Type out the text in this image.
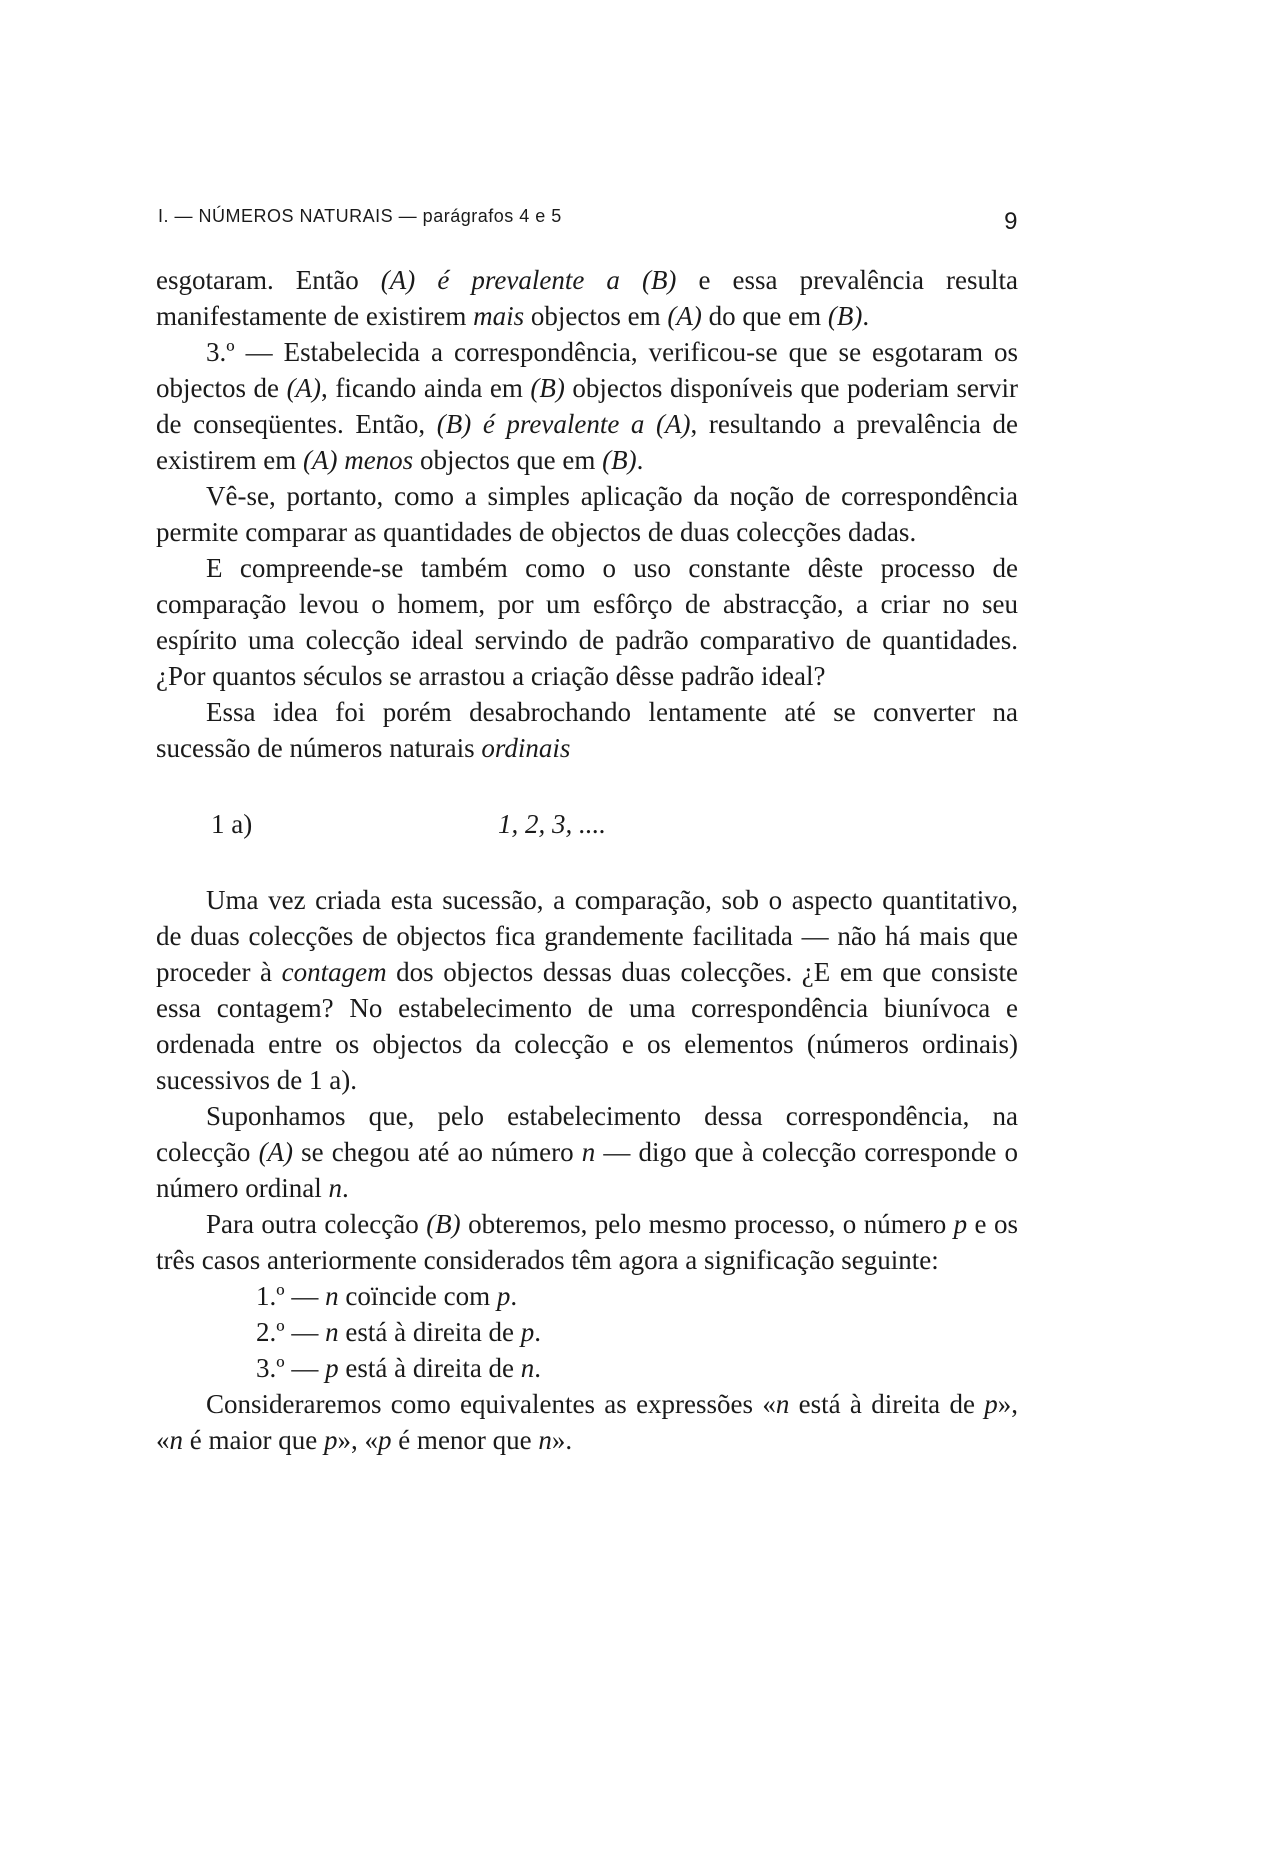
I. — NÚMEROS NATURAIS — parágrafos 4 e 5	9

esgotaram. Então (A) é prevalente a (B) e essa prevalência resulta manifestamente de existirem mais objectos em (A) do que em (B).

3.º — Estabelecida a correspondência, verificou-se que se esgotaram os objectos de (A), ficando ainda em (B) objectos disponíveis que poderiam servir de conseqüentes. Então, (B) é prevalente a (A), resultando a prevalência de existirem em (A) menos objectos que em (B).

Vê-se, portanto, como a simples aplicação da noção de correspondência permite comparar as quantidades de objectos de duas colecções dadas.

E compreende-se também como o uso constante dêste processo de comparação levou o homem, por um esfôrço de abstracção, a criar no seu espírito uma colecção ideal servindo de padrão comparativo de quantidades. ¿Por quantos séculos se arrastou a criação dêsse padrão ideal?

Essa idea foi porém desabrochando lentamente até se converter na sucessão de números naturais ordinais

1 a)	1, 2, 3, ....

Uma vez criada esta sucessão, a comparação, sob o aspecto quantitativo, de duas colecções de objectos fica grandemente facilitada — não há mais que proceder à contagem dos objectos dessas duas colecções. ¿E em que consiste essa contagem? No estabelecimento de uma correspondência biunívoca e ordenada entre os objectos da colecção e os elementos (números ordinais) sucessivos de 1 a).

Suponhamos que, pelo estabelecimento dessa correspondência, na colecção (A) se chegou até ao número n — digo que à colecção corresponde o número ordinal n.

Para outra colecção (B) obteremos, pelo mesmo processo, o número p e os três casos anteriormente considerados têm agora a significação seguinte:

1.º — n coïncide com p.

2.º — n está à direita de p.

3.º — p está à direita de n.

Consideraremos como equivalentes as expressões «n está à direita de p», «n é maior que p», «p é menor que n».
